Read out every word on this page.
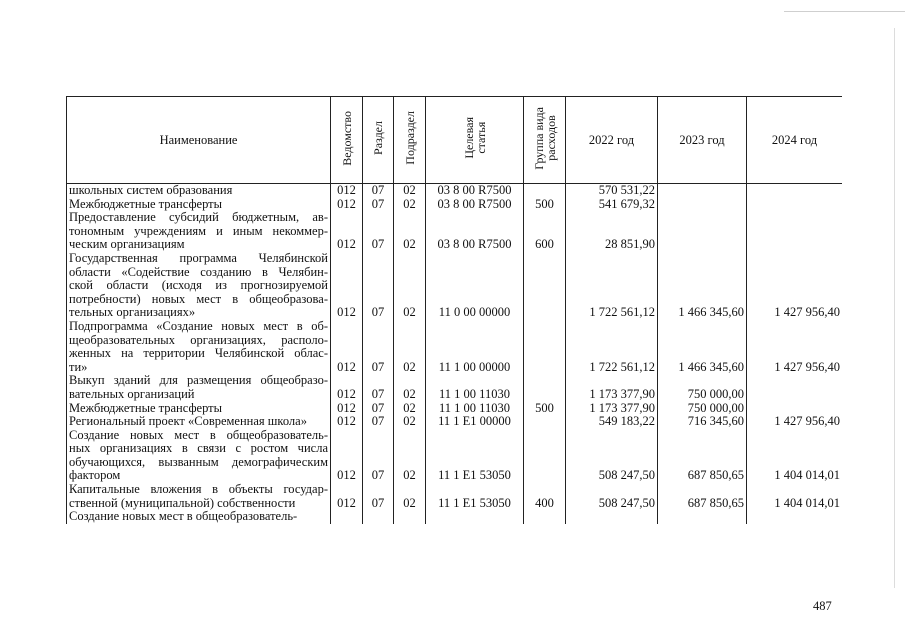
Наименование	Ведомство	Раздел	Подраздел	Целевая
статья	Группа вида
расходов	2022 год	2023 год	2024 год

школьных систем образования	012	07	02	03 8 00 R7500		570 531,22		

Межбюджетные трансферты	012	07	02	03 8 00 R7500	500	541 679,32		

Предоставление субсидий бюджетным, ав-
тономным учреждениям и иным некоммер-
ческим организациям	012	07	02	03 8 00 R7500	600	28 851,90		

Государственная программа Челябинской
области «Содействие созданию в Челябин-
ской области (исходя из прогнозируемой
потребности) новых мест в общеобразова-
тельных организациях»	012	07	02	11 0 00 00000		1 722 561,12	1 466 345,60	1 427 956,40

Подпрограмма «Создание новых мест в об-
щеобразовательных организациях, располо-
женных на территории Челябинской облас-
ти»	012	07	02	11 1 00 00000		1 722 561,12	1 466 345,60	1 427 956,40

Выкуп зданий для размещения общеобразо-
вательных организаций	012	07	02	11 1 00 11030		1 173 377,90	750 000,00	

Межбюджетные трансферты	012	07	02	11 1 00 11030	500	1 173 377,90	750 000,00	

Региональный проект «Современная школа»	012	07	02	11 1 E1 00000		549 183,22	716 345,60	1 427 956,40

Создание новых мест в общеобразователь-
ных организациях в связи с ростом числа
обучающихся, вызванным демографическим
фактором	012	07	02	11 1 E1 53050		508 247,50	687 850,65	1 404 014,01

Капитальные вложения в объекты государ-
ственной (муниципальной) собственности	012	07	02	11 1 E1 53050	400	508 247,50	687 850,65	1 404 014,01

Создание новых мест в общеобразователь-								

487
